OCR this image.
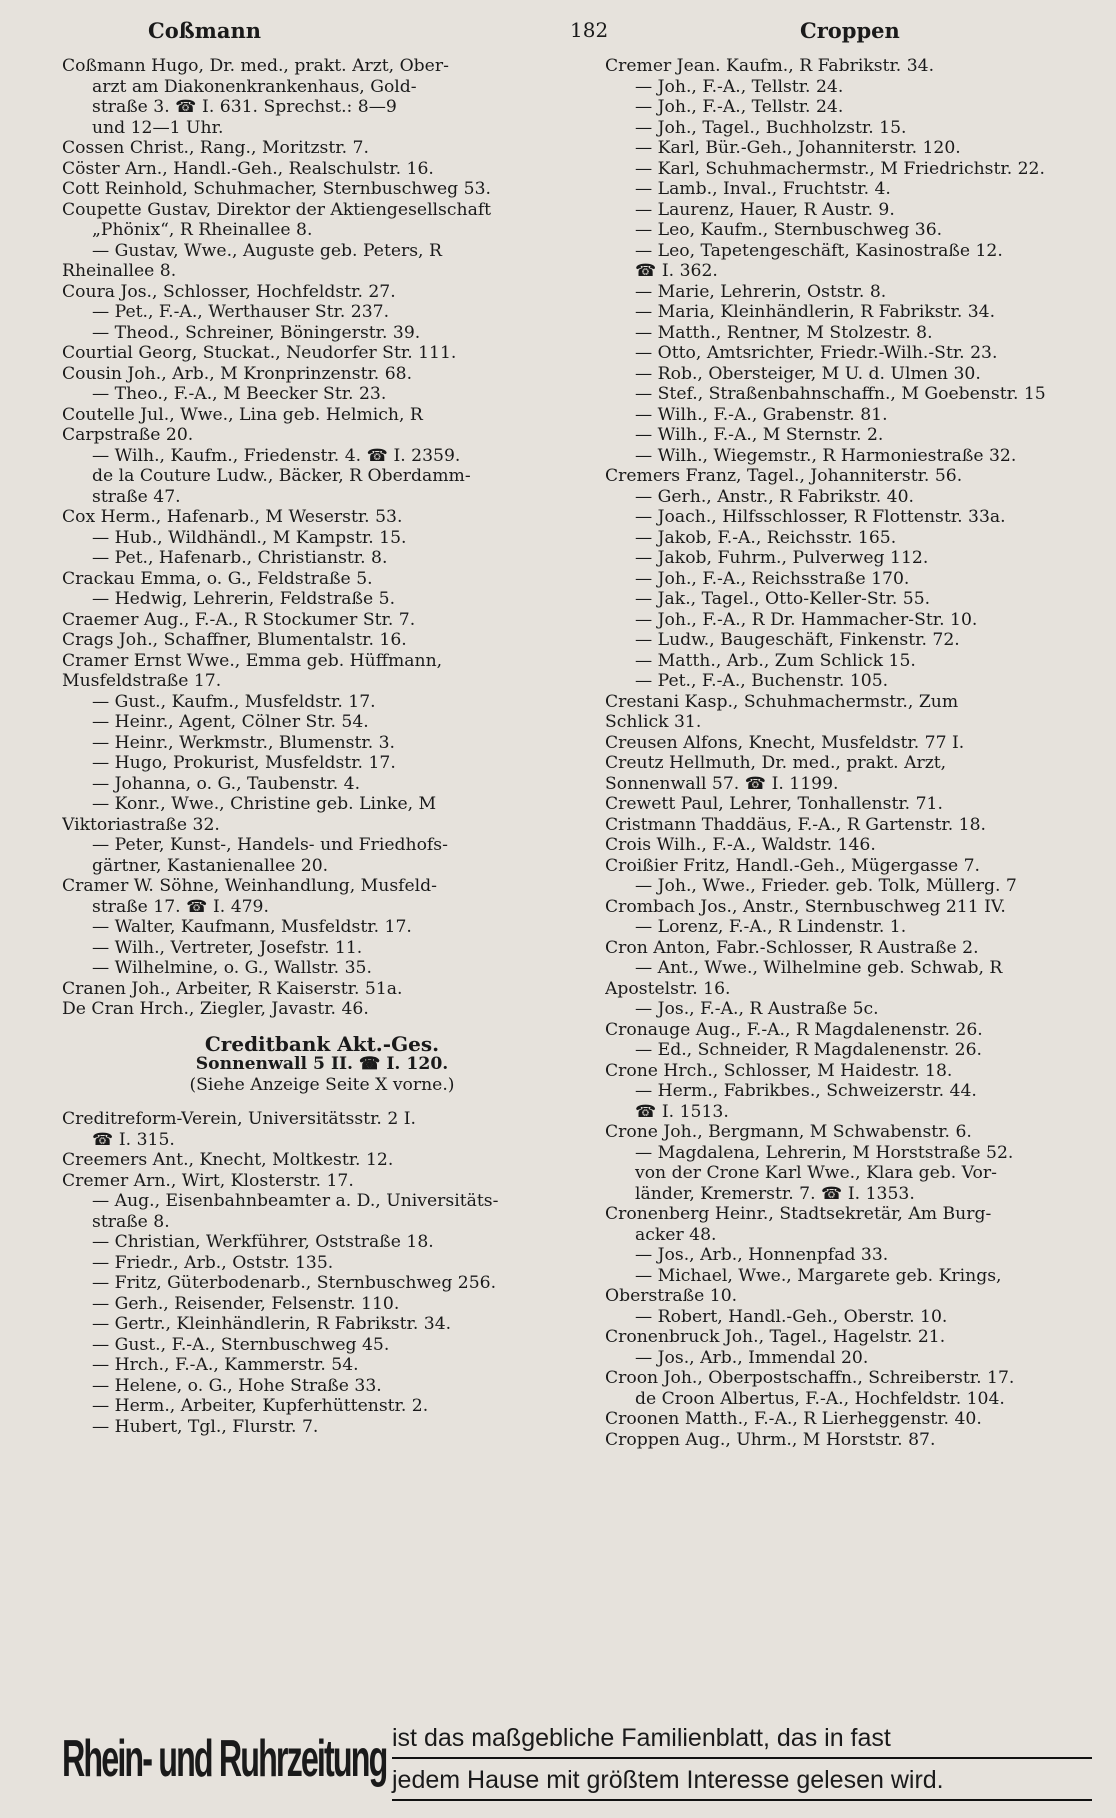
Coßmann	182	Croppen
Coßmann Hugo, Dr. med., prakt. Arzt, Ober-
arzt am Diakonenkrankenhaus, Gold-
straße 3. ☎ I. 631. Sprechst.: 8—9
und 12—1 Uhr.
Cossen Christ., Rang., Moritzstr. 7.
Cöster Arn., Handl.-Geh., Realschulstr. 16.
Cott Reinhold, Schuhmacher, Sternbuschweg 53.
Coupette Gustav, Direktor der Aktiengesellschaft
„Phönix“, R Rheinallee 8.
— Gustav, Wwe., Auguste geb. Peters, R
Rheinallee 8.
Coura Jos., Schlosser, Hochfeldstr. 27.
— Pet., F.-A., Werthauser Str. 237.
— Theod., Schreiner, Böningerstr. 39.
Courtial Georg, Stuckat., Neudorfer Str. 111.
Cousin Joh., Arb., M Kronprinzenstr. 68.
— Theo., F.-A., M Beecker Str. 23.
Coutelle Jul., Wwe., Lina geb. Helmich, R
Carpstraße 20.
— Wilh., Kaufm., Friedenstr. 4. ☎ I. 2359.
de la Couture Ludw., Bäcker, R Oberdamm-
straße 47.
Cox Herm., Hafenarb., M Weserstr. 53.
— Hub., Wildhändl., M Kampstr. 15.
— Pet., Hafenarb., Christianstr. 8.
Crackau Emma, o. G., Feldstraße 5.
— Hedwig, Lehrerin, Feldstraße 5.
Craemer Aug., F.-A., R Stockumer Str. 7.
Crags Joh., Schaffner, Blumentalstr. 16.
Cramer Ernst Wwe., Emma geb. Hüffmann,
Musfeldstraße 17.
— Gust., Kaufm., Musfeldstr. 17.
— Heinr., Agent, Cölner Str. 54.
— Heinr., Werkmstr., Blumenstr. 3.
— Hugo, Prokurist, Musfeldstr. 17.
— Johanna, o. G., Taubenstr. 4.
— Konr., Wwe., Christine geb. Linke, M
Viktoriastraße 32.
— Peter, Kunst-, Handels- und Friedhofs-
gärtner, Kastanienallee 20.
Cramer W. Söhne, Weinhandlung, Musfeld-
straße 17. ☎ I. 479.
— Walter, Kaufmann, Musfeldstr. 17.
— Wilh., Vertreter, Josefstr. 11.
— Wilhelmine, o. G., Wallstr. 35.
Cranen Joh., Arbeiter, R Kaiserstr. 51a.
De Cran Hrch., Ziegler, Javastr. 46.
Creditbank Akt.-Ges.
Sonnenwall 5 II. ☎ I. 120.
(Siehe Anzeige Seite X vorne.)
Creditreform-Verein, Universitätsstr. 2 I.
☎ I. 315.
Creemers Ant., Knecht, Moltkestr. 12.
Cremer Arn., Wirt, Klosterstr. 17.
— Aug., Eisenbahnbeamter a. D., Universitäts-
straße 8.
— Christian, Werkführer, Oststraße 18.
— Friedr., Arb., Oststr. 135.
— Fritz, Güterbodenarb., Sternbuschweg 256.
— Gerh., Reisender, Felsenstr. 110.
— Gertr., Kleinhändlerin, R Fabrikstr. 34.
— Gust., F.-A., Sternbuschweg 45.
— Hrch., F.-A., Kammerstr. 54.
— Helene, o. G., Hohe Straße 33.
— Herm., Arbeiter, Kupferhüttenstr. 2.
— Hubert, Tgl., Flurstr. 7.
Cremer Jean. Kaufm., R Fabrikstr. 34.
— Joh., F.-A., Tellstr. 24.
— Joh., F.-A., Tellstr. 24.
— Joh., Tagel., Buchholzstr. 15.
— Karl, Bür.-Geh., Johanniterstr. 120.
— Karl, Schuhmachermstr., M Friedrichstr. 22.
— Lamb., Inval., Fruchtstr. 4.
— Laurenz, Hauer, R Austr. 9.
— Leo, Kaufm., Sternbuschweg 36.
— Leo, Tapetengeschäft, Kasinostraße 12.
☎ I. 362.
— Marie, Lehrerin, Oststr. 8.
— Maria, Kleinhändlerin, R Fabrikstr. 34.
— Matth., Rentner, M Stolzestr. 8.
— Otto, Amtsrichter, Friedr.-Wilh.-Str. 23.
— Rob., Obersteiger, M U. d. Ulmen 30.
— Stef., Straßenbahnschaffn., M Goebenstr. 15
— Wilh., F.-A., Grabenstr. 81.
— Wilh., F.-A., M Sternstr. 2.
— Wilh., Wiegemstr., R Harmoniestraße 32.
Cremers Franz, Tagel., Johanniterstr. 56.
— Gerh., Anstr., R Fabrikstr. 40.
— Joach., Hilfsschlosser, R Flottenstr. 33a.
— Jakob, F.-A., Reichsstr. 165.
— Jakob, Fuhrm., Pulverweg 112.
— Joh., F.-A., Reichsstraße 170.
— Jak., Tagel., Otto-Keller-Str. 55.
— Joh., F.-A., R Dr. Hammacher-Str. 10.
— Ludw., Baugeschäft, Finkenstr. 72.
— Matth., Arb., Zum Schlick 15.
— Pet., F.-A., Buchenstr. 105.
Crestani Kasp., Schuhmachermstr., Zum
Schlick 31.
Creusen Alfons, Knecht, Musfeldstr. 77 I.
Creutz Hellmuth, Dr. med., prakt. Arzt,
Sonnenwall 57. ☎ I. 1199.
Crewett Paul, Lehrer, Tonhallenstr. 71.
Cristmann Thaddäus, F.-A., R Gartenstr. 18.
Crois Wilh., F.-A., Waldstr. 146.
Croißier Fritz, Handl.-Geh., Mügergasse 7.
— Joh., Wwe., Frieder. geb. Tolk, Müllerg. 7
Crombach Jos., Anstr., Sternbuschweg 211 IV.
— Lorenz, F.-A., R Lindenstr. 1.
Cron Anton, Fabr.-Schlosser, R Austraße 2.
— Ant., Wwe., Wilhelmine geb. Schwab, R
Apostelstr. 16.
— Jos., F.-A., R Austraße 5c.
Cronauge Aug., F.-A., R Magdalenenstr. 26.
— Ed., Schneider, R Magdalenenstr. 26.
Crone Hrch., Schlosser, M Haidestr. 18.
— Herm., Fabrikbes., Schweizerstr. 44.
☎ I. 1513.
Crone Joh., Bergmann, M Schwabenstr. 6.
— Magdalena, Lehrerin, M Horststraße 52.
von der Crone Karl Wwe., Klara geb. Vor-
länder, Kremerstr. 7. ☎ I. 1353.
Cronenberg Heinr., Stadtsekretär, Am Burg-
acker 48.
— Jos., Arb., Honnenpfad 33.
— Michael, Wwe., Margarete geb. Krings,
Oberstraße 10.
— Robert, Handl.-Geh., Oberstr. 10.
Cronenbruck Joh., Tagel., Hagelstr. 21.
— Jos., Arb., Immendal 20.
Croon Joh., Oberpostschaffn., Schreiberstr. 17.
de Croon Albertus, F.-A., Hochfeldstr. 104.
Croonen Matth., F.-A., R Lierheggenstr. 40.
Croppen Aug., Uhrm., M Horststr. 87.
Rhein- und Ruhrzeitung ist das maßgebliche Familienblatt, das in fast
jedem Hause mit größtem Interesse gelesen wird.
